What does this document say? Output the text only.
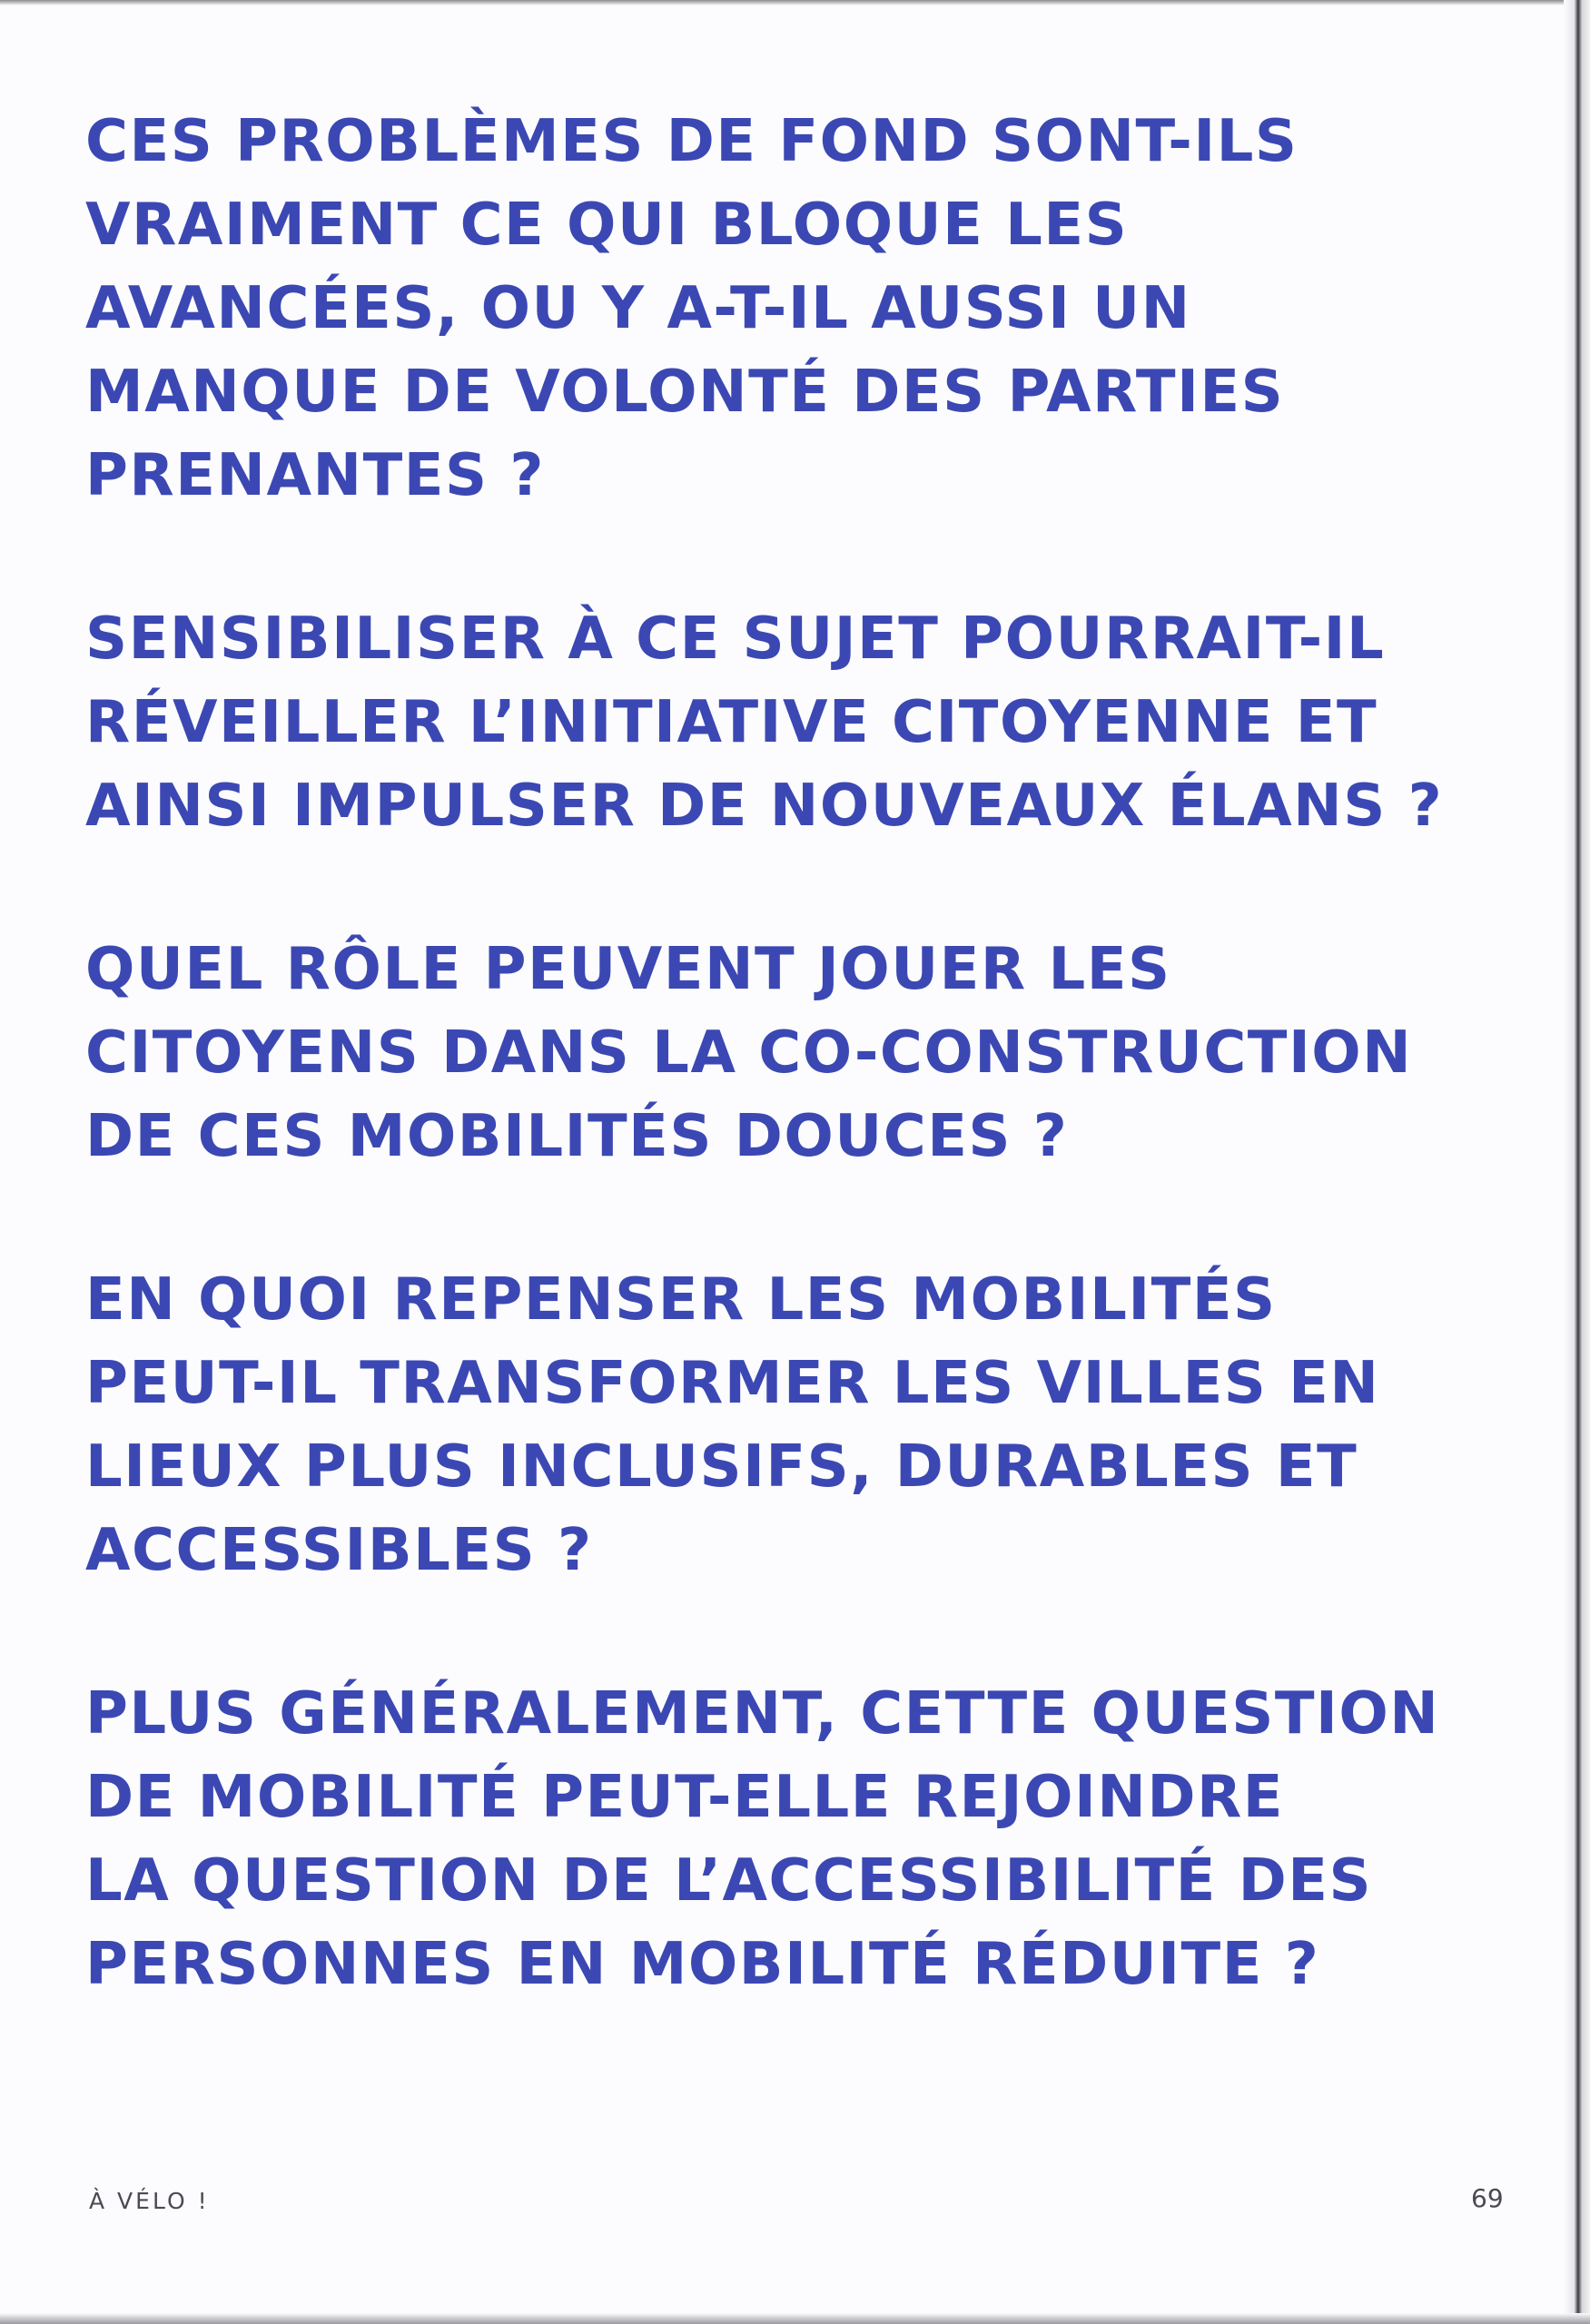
CES PROBLÈMES DE FOND SONT-ILS
VRAIMENT CE QUI BLOQUE LES
AVANCÉES, OU Y A-T-IL AUSSI UN
MANQUE DE VOLONTÉ DES PARTIES
PRENANTES ?

SENSIBILISER À CE SUJET POURRAIT-IL
RÉVEILLER L’INITIATIVE CITOYENNE ET
AINSI IMPULSER DE NOUVEAUX ÉLANS ?

QUEL RÔLE PEUVENT JOUER LES
CITOYENS DANS LA CO-CONSTRUCTION
DE CES MOBILITÉS DOUCES ?

EN QUOI REPENSER LES MOBILITÉS
PEUT-IL TRANSFORMER LES VILLES EN
LIEUX PLUS INCLUSIFS, DURABLES ET
ACCESSIBLES ?

PLUS GÉNÉRALEMENT, CETTE QUESTION
DE MOBILITÉ PEUT-ELLE REJOINDRE
LA QUESTION DE L’ACCESSIBILITÉ DES
PERSONNES EN MOBILITÉ RÉDUITE ?

À VÉLO !	69
